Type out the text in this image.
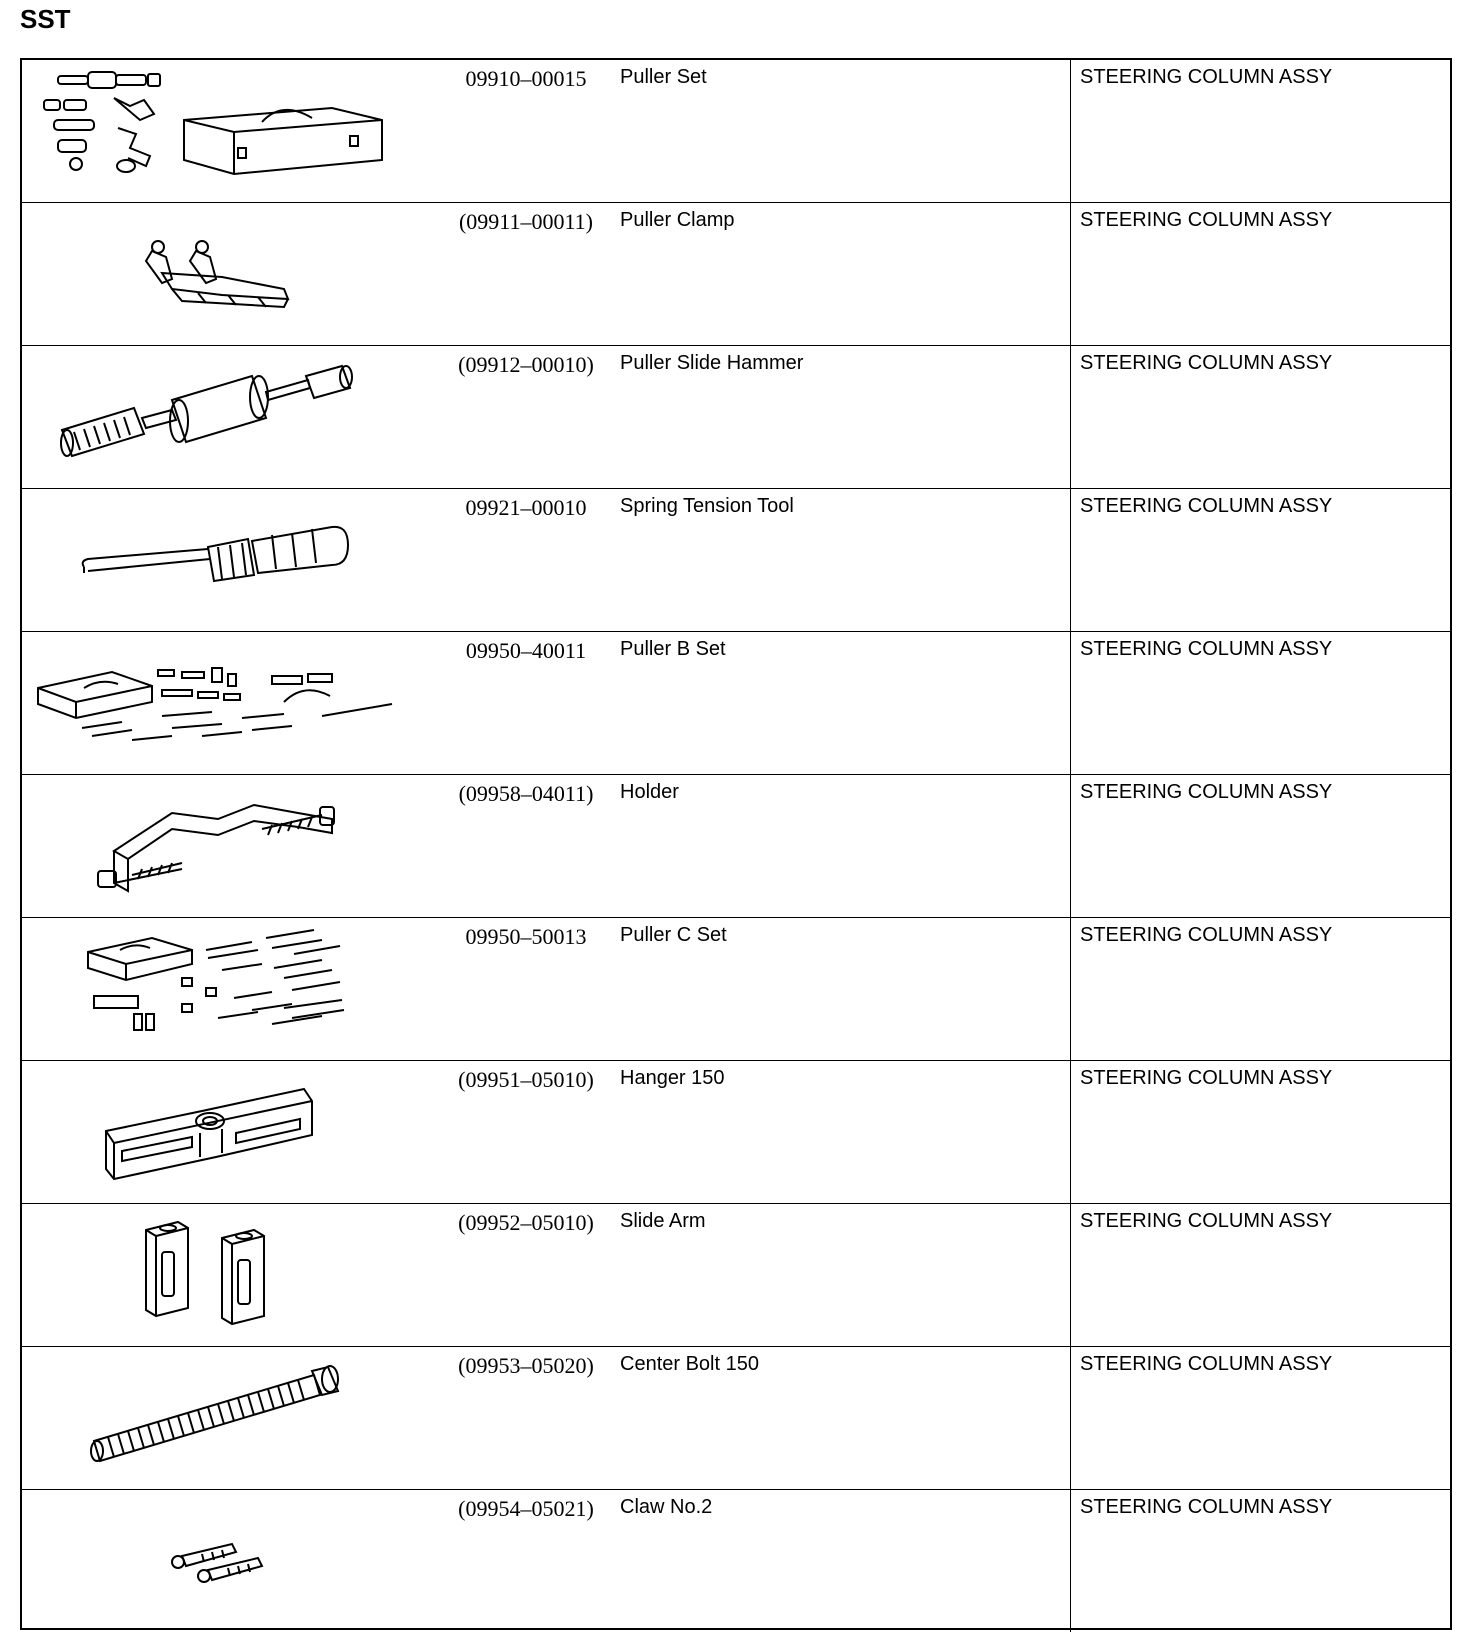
SST
09910–00015	Puller Set	STEERING COLUMN ASSY
(09911–00011)	Puller Clamp	STEERING COLUMN ASSY
(09912–00010)	Puller Slide Hammer	STEERING COLUMN ASSY
09921–00010	Spring Tension Tool	STEERING COLUMN ASSY
09950–40011	Puller B Set	STEERING COLUMN ASSY
(09958–04011)	Holder	STEERING COLUMN ASSY
09950–50013	Puller C Set	STEERING COLUMN ASSY
(09951–05010)	Hanger 150	STEERING COLUMN ASSY
(09952–05010)	Slide Arm	STEERING COLUMN ASSY
(09953–05020)	Center Bolt 150	STEERING COLUMN ASSY
(09954–05021)	Claw No.2	STEERING COLUMN ASSY
